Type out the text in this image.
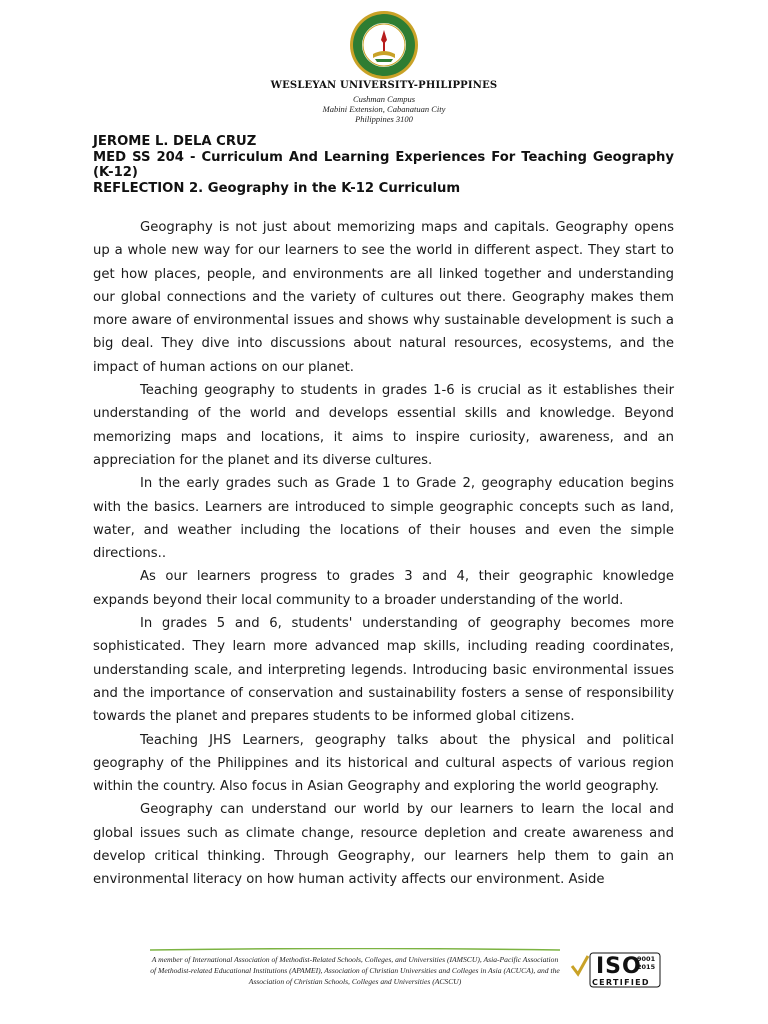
WESLEYAN UNIVERSITY-PHILIPPINES
Cushman Campus
Mabini Extension, Cabanatuan City
Philippines 3100
JEROME L. DELA CRUZ
MED SS 204 - Curriculum And Learning Experiences For Teaching Geography (K-12)
REFLECTION 2. Geography in the K-12 Curriculum

Geography is not just about memorizing maps and capitals. Geography opens up a whole new way for our learners to see the world in different aspect. They start to get how places, people, and environments are all linked together and understanding our global connections and the variety of cultures out there. Geography makes them more aware of environmental issues and shows why sustainable development is such a big deal. They dive into discussions about natural resources, ecosystems, and the impact of human actions on our planet.

Teaching geography to students in grades 1-6 is crucial as it establishes their understanding of the world and develops essential skills and knowledge. Beyond memorizing maps and locations, it aims to inspire curiosity, awareness, and an appreciation for the planet and its diverse cultures.

In the early grades such as Grade 1 to Grade 2, geography education begins with the basics. Learners are introduced to simple geographic concepts such as land, water, and weather including the locations of their houses and even the simple directions..

As our learners progress to grades 3 and 4, their geographic knowledge expands beyond their local community to a broader understanding of the world.

In grades 5 and 6, students' understanding of geography becomes more sophisticated. They learn more advanced map skills, including reading coordinates, understanding scale, and interpreting legends. Introducing basic environmental issues and the importance of conservation and sustainability fosters a sense of responsibility towards the planet and prepares students to be informed global citizens.

Teaching JHS Learners, geography talks about the physical and political geography of the Philippines and its historical and cultural aspects of various region within the country. Also focus in Asian Geography and exploring the world geography.

Geography can understand our world by our learners to learn the local and global issues such as climate change, resource depletion and create awareness and develop critical thinking. Through Geography, our learners help them to gain an environmental literacy on how human activity affects our environment. Aside

A member of International Association of Methodist-Related Schools, Colleges, and Universities (IAMSCU), Asia-Pacific Association of Methodist-related Educational Institutions (APAMEI), Association of Christian Universities and Colleges in Asia (ACUCA), and the Association of Christian Schools, Colleges and Universities (ACSCU)
ISO
9001
2015
CERTIFIED
